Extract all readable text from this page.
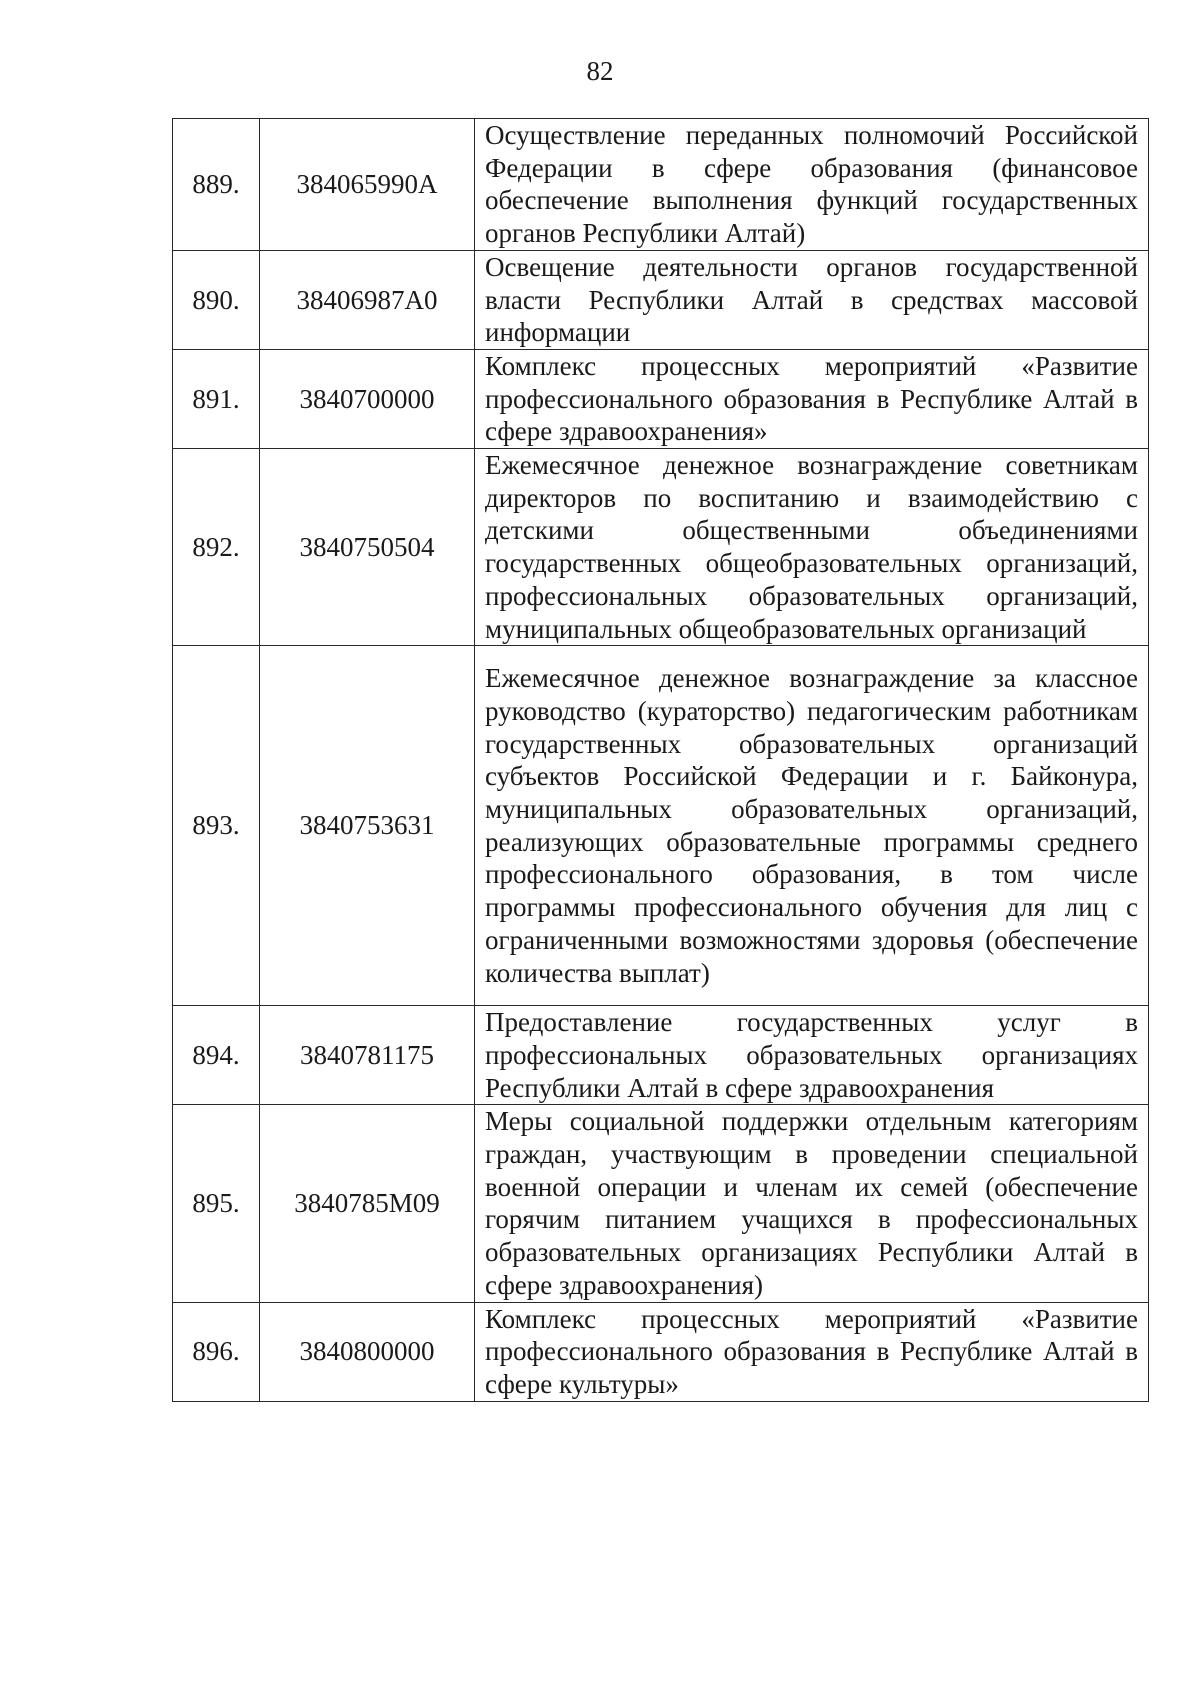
82
889.	384065990A	Осуществление переданных полномочий Российской Федерации в сфере образования (финансовое обеспечение выполнения функций государственных органов Республики Алтай)
890.	38406987A0	Освещение деятельности органов государственной власти Республики Алтай в средствах массовой информации
891.	3840700000	Комплекс процессных мероприятий «Развитие профессионального образования в Республике Алтай в сфере здравоохранения»
892.	3840750504	Ежемесячное денежное вознаграждение советникам директоров по воспитанию и взаимодействию с детскими общественными объединениями государственных общеобразовательных организаций, профессиональных образовательных организаций, муниципальных общеобразовательных организаций
893.	3840753631	Ежемесячное денежное вознаграждение за классное руководство (кураторство) педагогическим работникам государственных образовательных организаций субъектов Российской Федерации и г. Байконура, муниципальных образовательных организаций, реализующих образовательные программы среднего профессионального образования, в том числе программы профессионального обучения для лиц с ограниченными возможностями здоровья (обеспечение количества выплат)
894.	3840781175	Предоставление государственных услуг в профессиональных образовательных организациях Республики Алтай в сфере здравоохранения
895.	3840785М09	Меры социальной поддержки отдельным категориям граждан, участвующим в проведении специальной военной операции и членам их семей (обеспечение горячим питанием учащихся в профессиональных образовательных организациях Республики Алтай в сфере здравоохранения)
896.	3840800000	Комплекс процессных мероприятий «Развитие профессионального образования в Республике Алтай в сфере культуры»
